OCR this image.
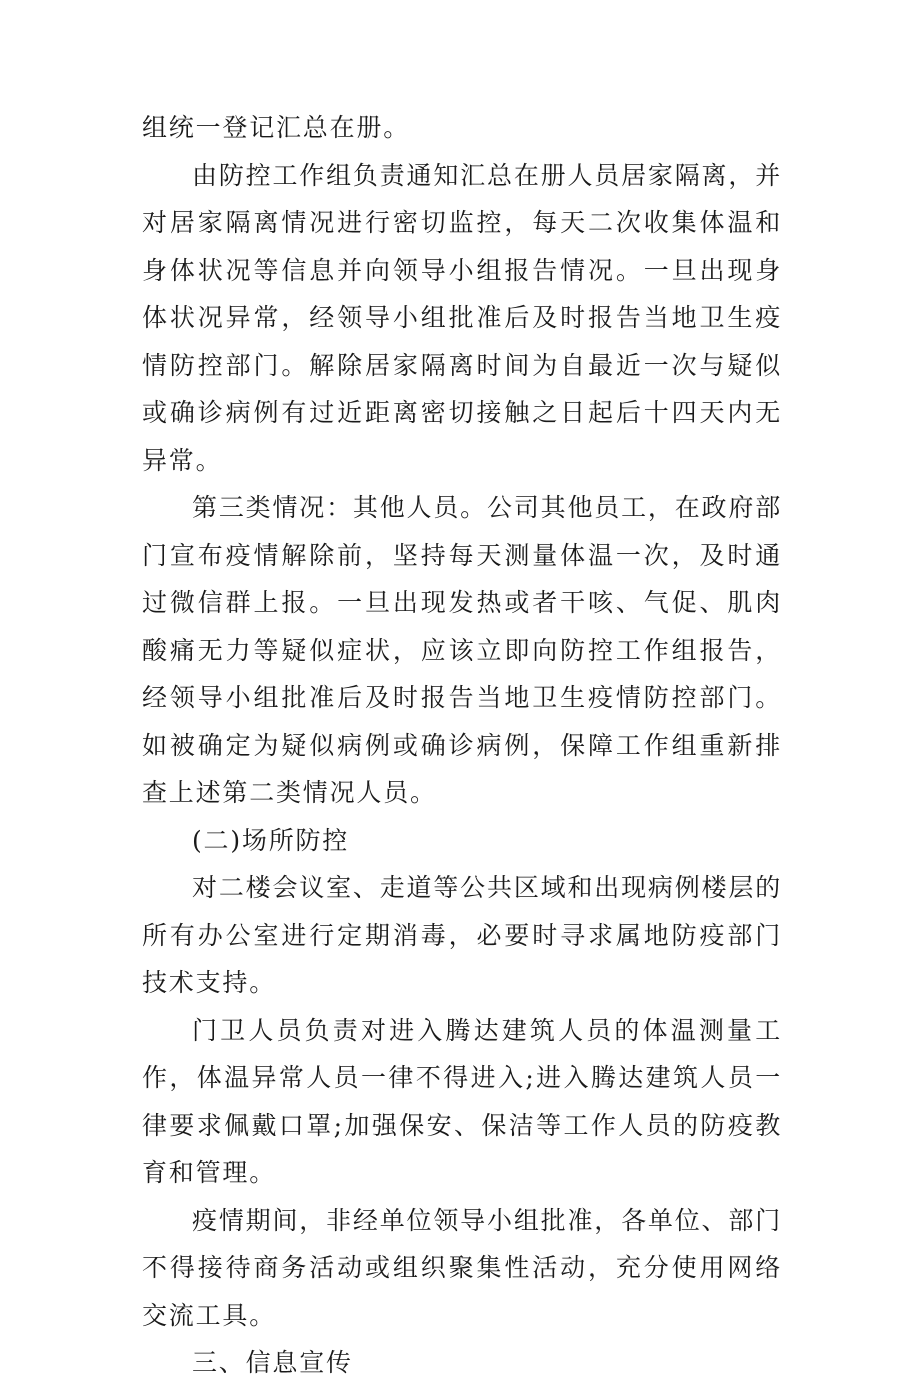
组统一登记汇总在册。

由防控工作组负责通知汇总在册人员居家隔离，并对居家隔离情况进行密切监控，每天二次收集体温和身体状况等信息并向领导小组报告情况。一旦出现身体状况异常，经领导小组批准后及时报告当地卫生疫情防控部门。解除居家隔离时间为自最近一次与疑似或确诊病例有过近距离密切接触之日起后十四天内无异常。

第三类情况：其他人员。公司其他员工，在政府部门宣布疫情解除前，坚持每天测量体温一次，及时通过微信群上报。一旦出现发热或者干咳、气促、肌肉酸痛无力等疑似症状，应该立即向防控工作组报告，经领导小组批准后及时报告当地卫生疫情防控部门。如被确定为疑似病例或确诊病例，保障工作组重新排查上述第二类情况人员。

(二)场所防控

对二楼会议室、走道等公共区域和出现病例楼层的所有办公室进行定期消毒，必要时寻求属地防疫部门技术支持。

门卫人员负责对进入腾达建筑人员的体温测量工作，体温异常人员一律不得进入;进入腾达建筑人员一律要求佩戴口罩;加强保安、保洁等工作人员的防疫教育和管理。

疫情期间，非经单位领导小组批准，各单位、部门不得接待商务活动或组织聚集性活动，充分使用网络交流工具。

三、信息宣传
